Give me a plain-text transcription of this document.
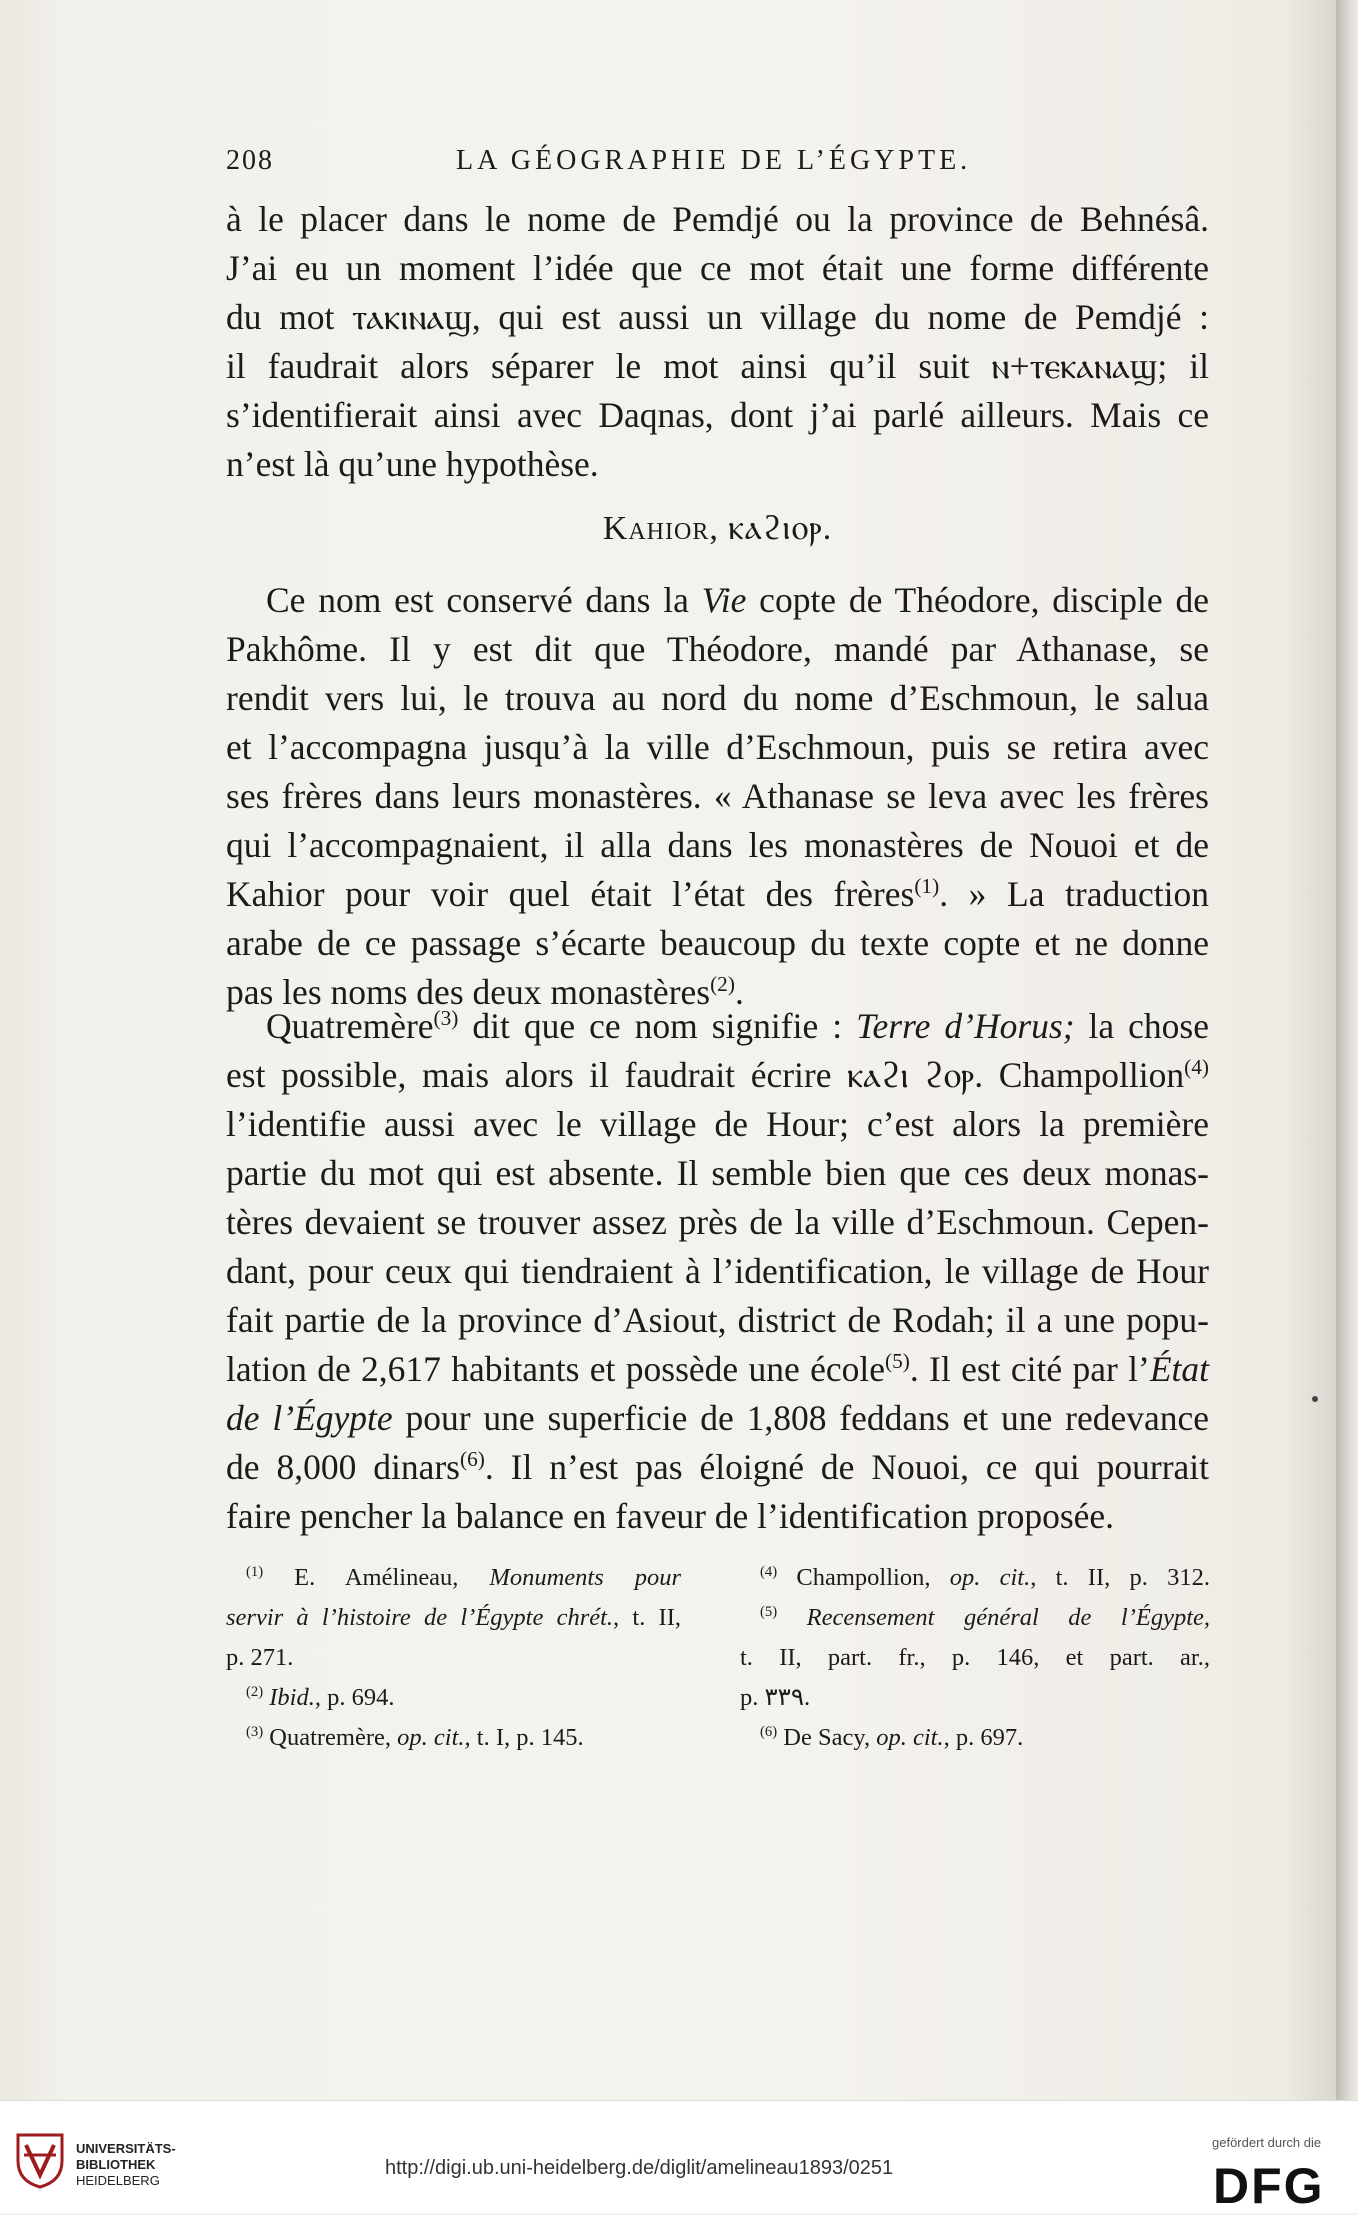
208	LA GÉOGRAPHIE DE L’ÉGYPTE.
à le placer dans le nome de Pemdjé ou la province de Behnésâ.
J’ai eu un moment l’idée que ce mot était une forme différente
du mot ⲧⲁⲕⲓⲛⲁϣ, qui est aussi un village du nome de Pemdjé :
il faudrait alors séparer le mot ainsi qu’il suit ⲛ+ⲧⲉⲕⲁⲛⲁϣ; il
s’identifierait ainsi avec Daqnas, dont j’ai parlé ailleurs. Mais ce
n’est là qu’une hypothèse.
Kahior, ⲕⲁϩⲓⲟⲣ.
Ce nom est conservé dans la Vie copte de Théodore, disciple de
Pakhôme. Il y est dit que Théodore, mandé par Athanase, se
rendit vers lui, le trouva au nord du nome d’Eschmoun, le salua
et l’accompagna jusqu’à la ville d’Eschmoun, puis se retira avec
ses frères dans leurs monastères. « Athanase se leva avec les frères
qui l’accompagnaient, il alla dans les monastères de Nouoi et de
Kahior pour voir quel était l’état des frères$^{(1)}$. » La traduction
arabe de ce passage s’écarte beaucoup du texte copte et ne donne
pas les noms des deux monastères$^{(2)}$.
Quatremère$^{(3)}$ dit que ce nom signifie : Terre d’Horus; la chose
est possible, mais alors il faudrait écrire ⲕⲁϩⲓ ϩⲟⲣ. Champollion$^{(4)}$
l’identifie aussi avec le village de Hour; c’est alors la première
partie du mot qui est absente. Il semble bien que ces deux monas-
tères devaient se trouver assez près de la ville d’Eschmoun. Cepen-
dant, pour ceux qui tiendraient à l’identification, le village de Hour
fait partie de la province d’Asiout, district de Rodah; il a une popu-
lation de 2,617 habitants et possède une école$^{(5)}$. Il est cité par l’État
de l’Égypte pour une superficie de 1,808 feddans et une redevance
de 8,000 dinars$^{(6)}$. Il n’est pas éloigné de Nouoi, ce qui pourrait
faire pencher la balance en faveur de l’identification proposée.
$^{(1)}$ E. Amélineau, Monuments pour
servir à l’histoire de l’Égypte chrét., t. II,
p. 271.
$^{(2)}$ Ibid., p. 694.
$^{(3)}$ Quatremère, op. cit., t. I, p. 145.
$^{(4)}$ Champollion, op. cit., t. II, p. 312.
$^{(5)}$ Recensement général de l’Égypte,
t. II, part. fr., p. 146, et part. ar.,
p. ٣٣٩.
$^{(6)}$ De Sacy, op. cit., p. 697.
UNIVERSITÄTS-
BIBLIOTHEK
HEIDELBERG
http://digi.ub.uni-heidelberg.de/diglit/amelineau1893/0251
gefördert durch die
DFG
